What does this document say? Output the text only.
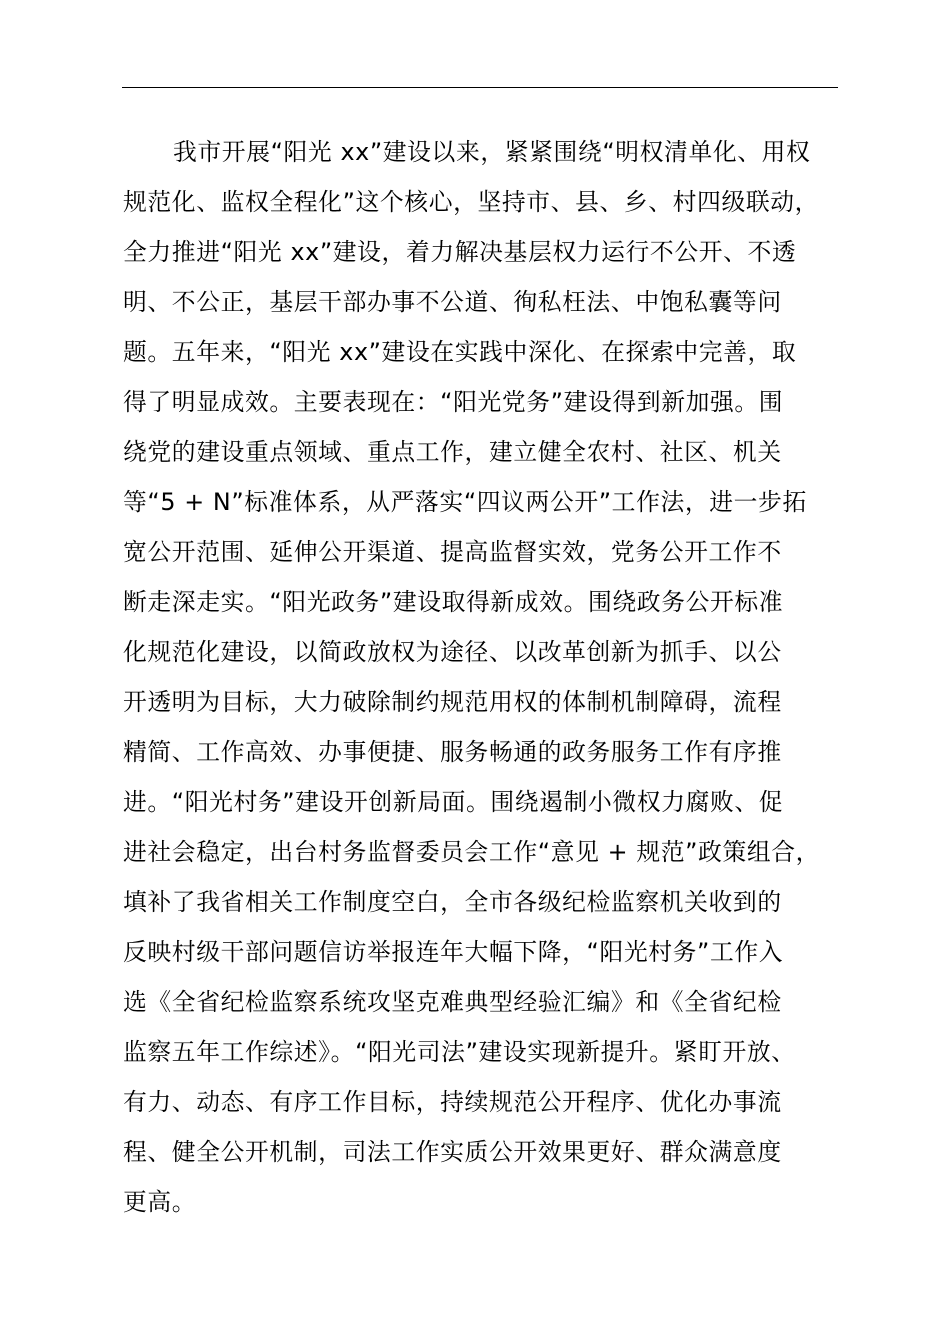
我市开展“阳光 xx”建设以来，紧紧围绕“明权清单化、用权
规范化、监权全程化”这个核心，坚持市、县、乡、村四级联动，
全力推进“阳光 xx”建设，着力解决基层权力运行不公开、不透
明、不公正，基层干部办事不公道、徇私枉法、中饱私囊等问
题。五年来，“阳光 xx”建设在实践中深化、在探索中完善，取
得了明显成效。主要表现在：“阳光党务”建设得到新加强。围
绕党的建设重点领域、重点工作，建立健全农村、社区、机关
等“5 + N”标准体系，从严落实“四议两公开”工作法，进一步拓
宽公开范围、延伸公开渠道、提高监督实效，党务公开工作不
断走深走实。“阳光政务”建设取得新成效。围绕政务公开标准
化规范化建设，以简政放权为途径、以改革创新为抓手、以公
开透明为目标，大力破除制约规范用权的体制机制障碍，流程
精简、工作高效、办事便捷、服务畅通的政务服务工作有序推
进。“阳光村务”建设开创新局面。围绕遏制小微权力腐败、促
进社会稳定，出台村务监督委员会工作“意见 + 规范”政策组合，
填补了我省相关工作制度空白，全市各级纪检监察机关收到的
反映村级干部问题信访举报连年大幅下降，“阳光村务”工作入
选《全省纪检监察系统攻坚克难典型经验汇编》和《全省纪检
监察五年工作综述》。“阳光司法”建设实现新提升。紧盯开放、
有力、动态、有序工作目标，持续规范公开程序、优化办事流
程、健全公开机制，司法工作实质公开效果更好、群众满意度
更高。
